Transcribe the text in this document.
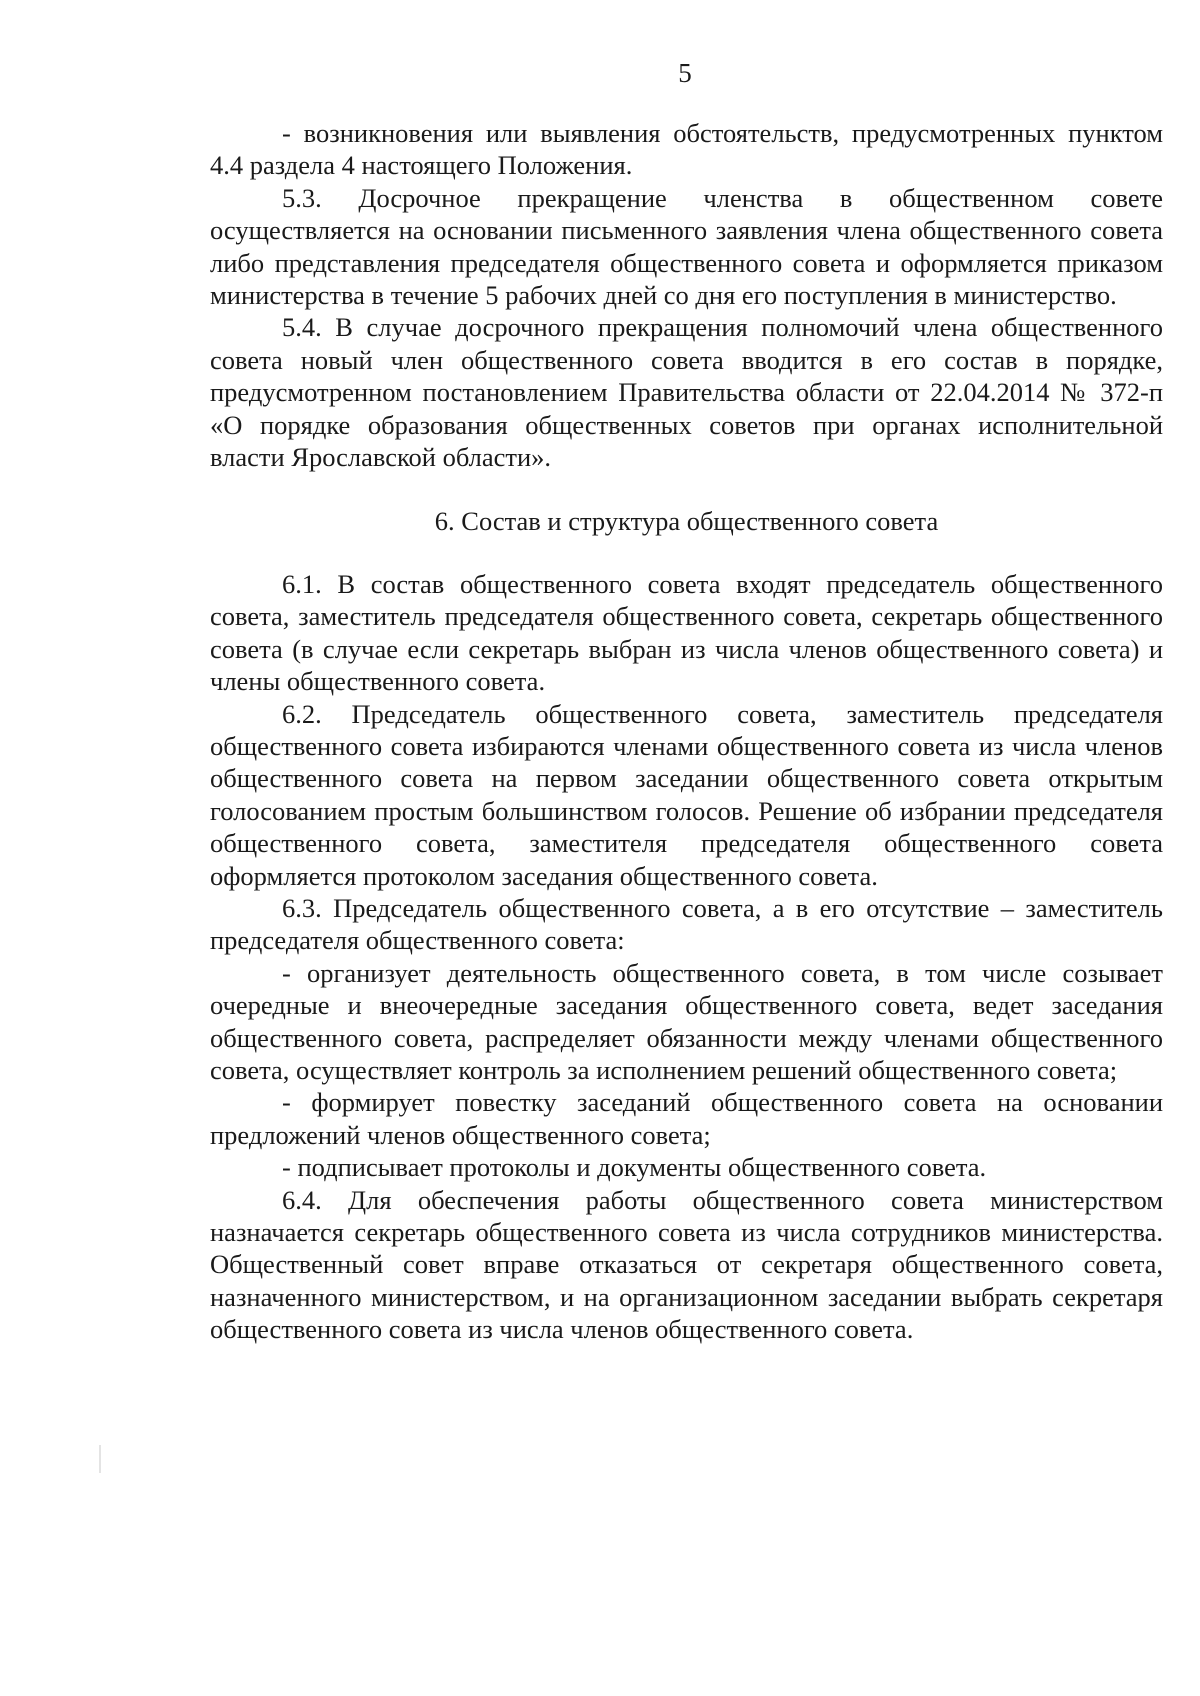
5

- возникновения или выявления обстоятельств, предусмотренных пунктом 4.4 раздела 4 настоящего Положения.

5.3. Досрочное прекращение членства в общественном совете осуществляется на основании письменного заявления члена общественного совета либо представления председателя общественного совета и оформляется приказом министерства в течение 5 рабочих дней со дня его поступления в министерство.

5.4. В случае досрочного прекращения полномочий члена общественного совета новый член общественного совета вводится в его состав в порядке, предусмотренном постановлением Правительства области от 22.04.2014 № 372-п «О порядке образования общественных советов при органах исполнительной власти Ярославской области».

6. Состав и структура общественного совета

6.1. В состав общественного совета входят председатель общественного совета, заместитель председателя общественного совета, секретарь общественного совета (в случае если секретарь выбран из числа членов общественного совета) и члены общественного совета.

6.2. Председатель общественного совета, заместитель председателя общественного совета избираются членами общественного совета из числа членов общественного совета на первом заседании общественного совета открытым голосованием простым большинством голосов. Решение об избрании председателя общественного совета, заместителя председателя общественного совета оформляется протоколом заседания общественного совета.

6.3. Председатель общественного совета, а в его отсутствие – заместитель председателя общественного совета:

- организует деятельность общественного совета, в том числе созывает очередные и внеочередные заседания общественного совета, ведет заседания общественного совета, распределяет обязанности между членами общественного совета, осуществляет контроль за исполнением решений общественного совета;

- формирует повестку заседаний общественного совета на основании предложений членов общественного совета;

- подписывает протоколы и документы общественного совета.

6.4. Для обеспечения работы общественного совета министерством назначается секретарь общественного совета из числа сотрудников министерства. Общественный совет вправе отказаться от секретаря общественного совета, назначенного министерством, и на организационном заседании выбрать секретаря общественного совета из числа членов общественного совета.
